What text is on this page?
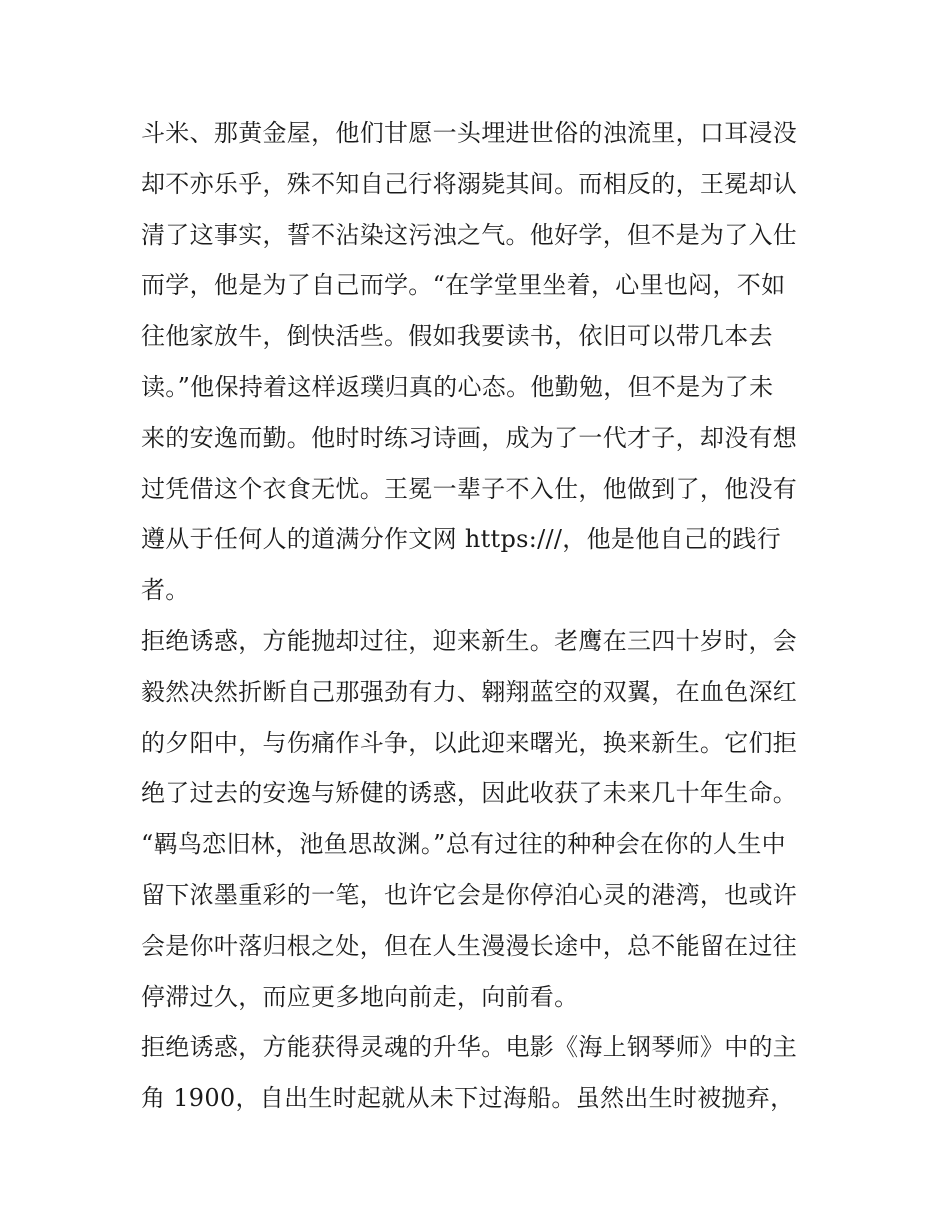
斗米、那黄金屋，他们甘愿一头埋进世俗的浊流里，口耳浸没
却不亦乐乎，殊不知自己行将溺毙其间。而相反的，王冕却认
清了这事实，誓不沾染这污浊之气。他好学，但不是为了入仕
而学，他是为了自己而学。“在学堂里坐着，心里也闷，不如
往他家放牛，倒快活些。假如我要读书，依旧可以带几本去
读。”他保持着这样返璞归真的心态。他勤勉，但不是为了未
来的安逸而勤。他时时练习诗画，成为了一代才子，却没有想
过凭借这个衣食无忧。王冕一辈子不入仕，他做到了，他没有
遵从于任何人的道满分作文网 https:///，他是他自己的践行
者。
拒绝诱惑，方能抛却过往，迎来新生。老鹰在三四十岁时，会
毅然决然折断自己那强劲有力、翱翔蓝空的双翼，在血色深红
的夕阳中，与伤痛作斗争，以此迎来曙光，换来新生。它们拒
绝了过去的安逸与矫健的诱惑，因此收获了未来几十年生命。
“羁鸟恋旧林，池鱼思故渊。”总有过往的种种会在你的人生中
留下浓墨重彩的一笔，也许它会是你停泊心灵的港湾，也或许
会是你叶落归根之处，但在人生漫漫长途中，总不能留在过往
停滞过久，而应更多地向前走，向前看。
拒绝诱惑，方能获得灵魂的升华。电影《海上钢琴师》中的主
角 1900，自出生时起就从未下过海船。虽然出生时被抛弃，
